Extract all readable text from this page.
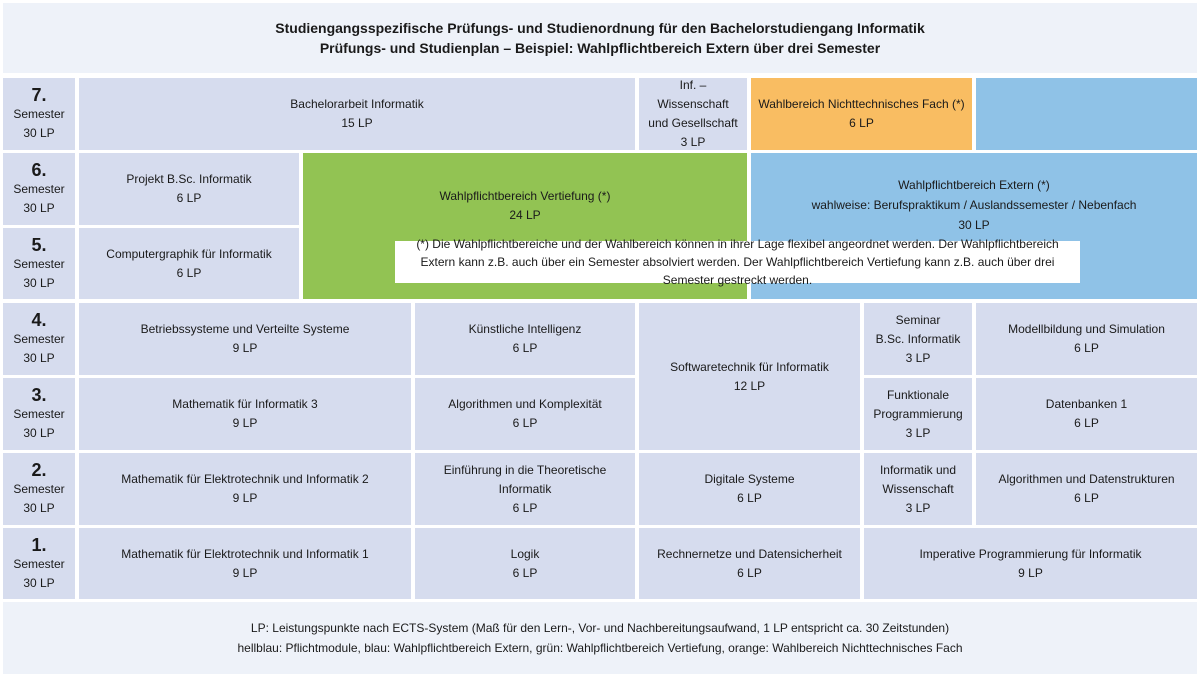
Studiengangsspezifische Prüfungs- und Studienordnung für den Bachelorstudiengang Informatik
Prüfungs- und Studienplan – Beispiel: Wahlpflichtbereich Extern über drei Semester
7.
Semester
30 LP
6.
Semester
30 LP
5.
Semester
30 LP
4.
Semester
30 LP
3.
Semester
30 LP
2.
Semester
30 LP
1.
Semester
30 LP
Bachelorarbeit Informatik
15 LP
Inf. – Wissenschaft
und Gesellschaft
3 LP
Wahlbereich Nichttechnisches Fach (*)
6 LP
Projekt B.Sc. Informatik
6 LP
Computergraphik für Informatik
6 LP
Wahlpflichtbereich Vertiefung (*)
24 LP
Wahlpflichtbereich Extern (*)
wahlweise: Berufspraktikum / Auslandssemester / Nebenfach
30 LP
(*) Die Wahlpflichtbereiche und der Wahlbereich können in ihrer Lage flexibel angeordnet werden. Der Wahlpflichtbereich Extern kann z.B. auch über ein Semester absolviert werden. Der Wahlpflichtbereich Vertiefung kann z.B. auch über drei Semester gestreckt werden.
Betriebssysteme und Verteilte Systeme
9 LP
Künstliche Intelligenz
6 LP
Softwaretechnik für Informatik
12 LP
Seminar
B.Sc. Informatik
3 LP
Modellbildung und Simulation
6 LP
Mathematik für Informatik 3
9 LP
Algorithmen und Komplexität
6 LP
Funktionale
Programmierung
3 LP
Datenbanken 1
6 LP
Mathematik für Elektrotechnik und Informatik 2
9 LP
Einführung in die Theoretische Informatik
6 LP
Digitale Systeme
6 LP
Informatik und
Wissenschaft
3 LP
Algorithmen und Datenstrukturen
6 LP
Mathematik für Elektrotechnik und Informatik 1
9 LP
Logik
6 LP
Rechnernetze und Datensicherheit
6 LP
Imperative Programmierung für Informatik
9 LP
LP: Leistungspunkte nach ECTS-System (Maß für den Lern-, Vor- und Nachbereitungsaufwand, 1 LP entspricht ca. 30 Zeitstunden)
hellblau: Pflichtmodule, blau: Wahlpflichtbereich Extern, grün: Wahlpflichtbereich Vertiefung, orange: Wahlbereich Nichttechnisches Fach
